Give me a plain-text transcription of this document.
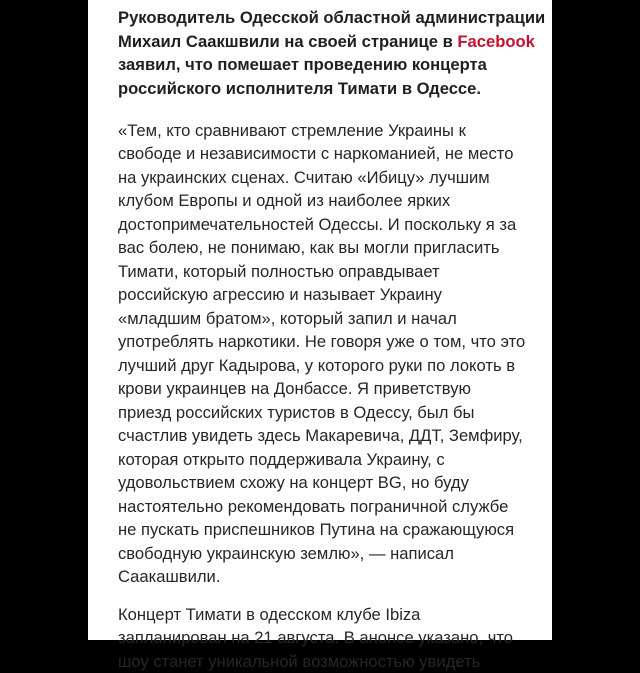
Руководитель Одесской областной администрации
Михаил Саакшвили на своей странице в Facebook
заявил, что помешает проведению концерта
российского исполнителя Тимати в Одессе.

«Тем, кто сравнивают стремление Украины к
свободе и независимости с наркоманией, не место
на украинских сценах. Считаю «Ибицу» лучшим
клубом Европы и одной из наиболее ярких
достопримечательностей Одессы. И поскольку я за
вас болею, не понимаю, как вы могли пригласить
Тимати, который полностью оправдывает
российскую агрессию и называет Украину
«младшим братом», который запил и начал
употреблять наркотики. Не говоря уже о том, что это
лучший друг Кадырова, у которого руки по локоть в
крови украинцев на Донбассе. Я приветствую
приезд российских туристов в Одессу, был бы
счастлив увидеть здесь Макаревича, ДДТ, Земфиру,
которая открыто поддерживала Украину, с
удовольствием схожу на концерт BG, но буду
настоятельно рекомендовать пограничной службе
не пускать приспешников Путина на сражающуюся
свободную украинскую землю», — написал
Саакашвили.

Концерт Тимати в одесском клубе Ibiza
запланирован на 21 августа. В анонсе указано, что
шоу станет уникальной возможностью увидеть
